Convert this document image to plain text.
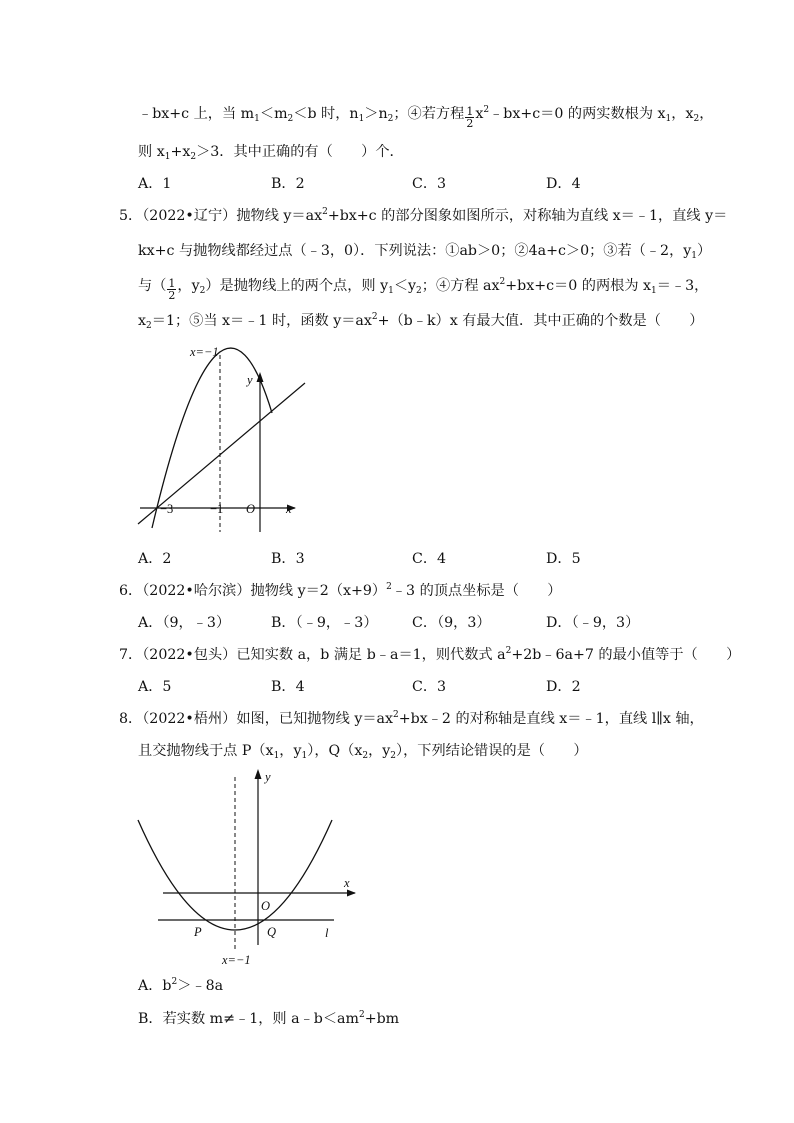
﹣bx+c 上，当 $m_1<m_2<b$ 时，$n_1>n_2$；④若方程 $\frac{1}{2}$ $x^2﹣bx+c=0$ 的两实数根为 $x_1$，$x_2$，
则 $x_1+x_2>3$．其中正确的有（　　）个．
A．1	B．2	C．3	D．4
5．（2022•辽宁）抛物线 $y=ax^2+bx+c$ 的部分图象如图所示，对称轴为直线 x＝﹣1，直线 y＝
kx+c 与抛物线都经过点（﹣3，0）．下列说法：①ab＞0；②4a+c＞0；③若（﹣2，$y_1$）
与（ $\frac{1}{2}$ ，$y_2$）是抛物线上的两个点，则 $y_1<y_2$；④方程 $ax^2+bx+c=0$ 的两根为 $x_1=﹣3$，
$x_2=1$；⑤当 x＝﹣1 时，函数 $y=ax^2+(b﹣k)x$ 有最大值．其中正确的个数是（　　）
x=−1
y
x
O
−3	−1
A．2	B．3	C．4	D．5
6．（2022•哈尔滨）抛物线 $y=2(x+9)^2﹣3$ 的顶点坐标是（　　）
A．（9，﹣3）	B．（﹣9，﹣3） C．（9，3）	D．（﹣9，3）
7．（2022•包头）已知实数 a，b 满足 b﹣a＝1，则代数式 $a^2+2b﹣6a+7$ 的最小值等于（　　）
A．5	B．4	C．3	D．2
8．（2022•梧州）如图，已知抛物线 $y=ax^2+bx﹣2$ 的对称轴是直线 x＝﹣1，直线 l∥x 轴，
且交抛物线于点 $P(x_1$，$y_1$），$Q(x_2$，$y_2$），下列结论错误的是（　　）
y
x
O
P	Q	l
x=−1
A．$b^2>﹣8a$
B．若实数 m≠﹣1，则 $a﹣b<am^2+bm$
